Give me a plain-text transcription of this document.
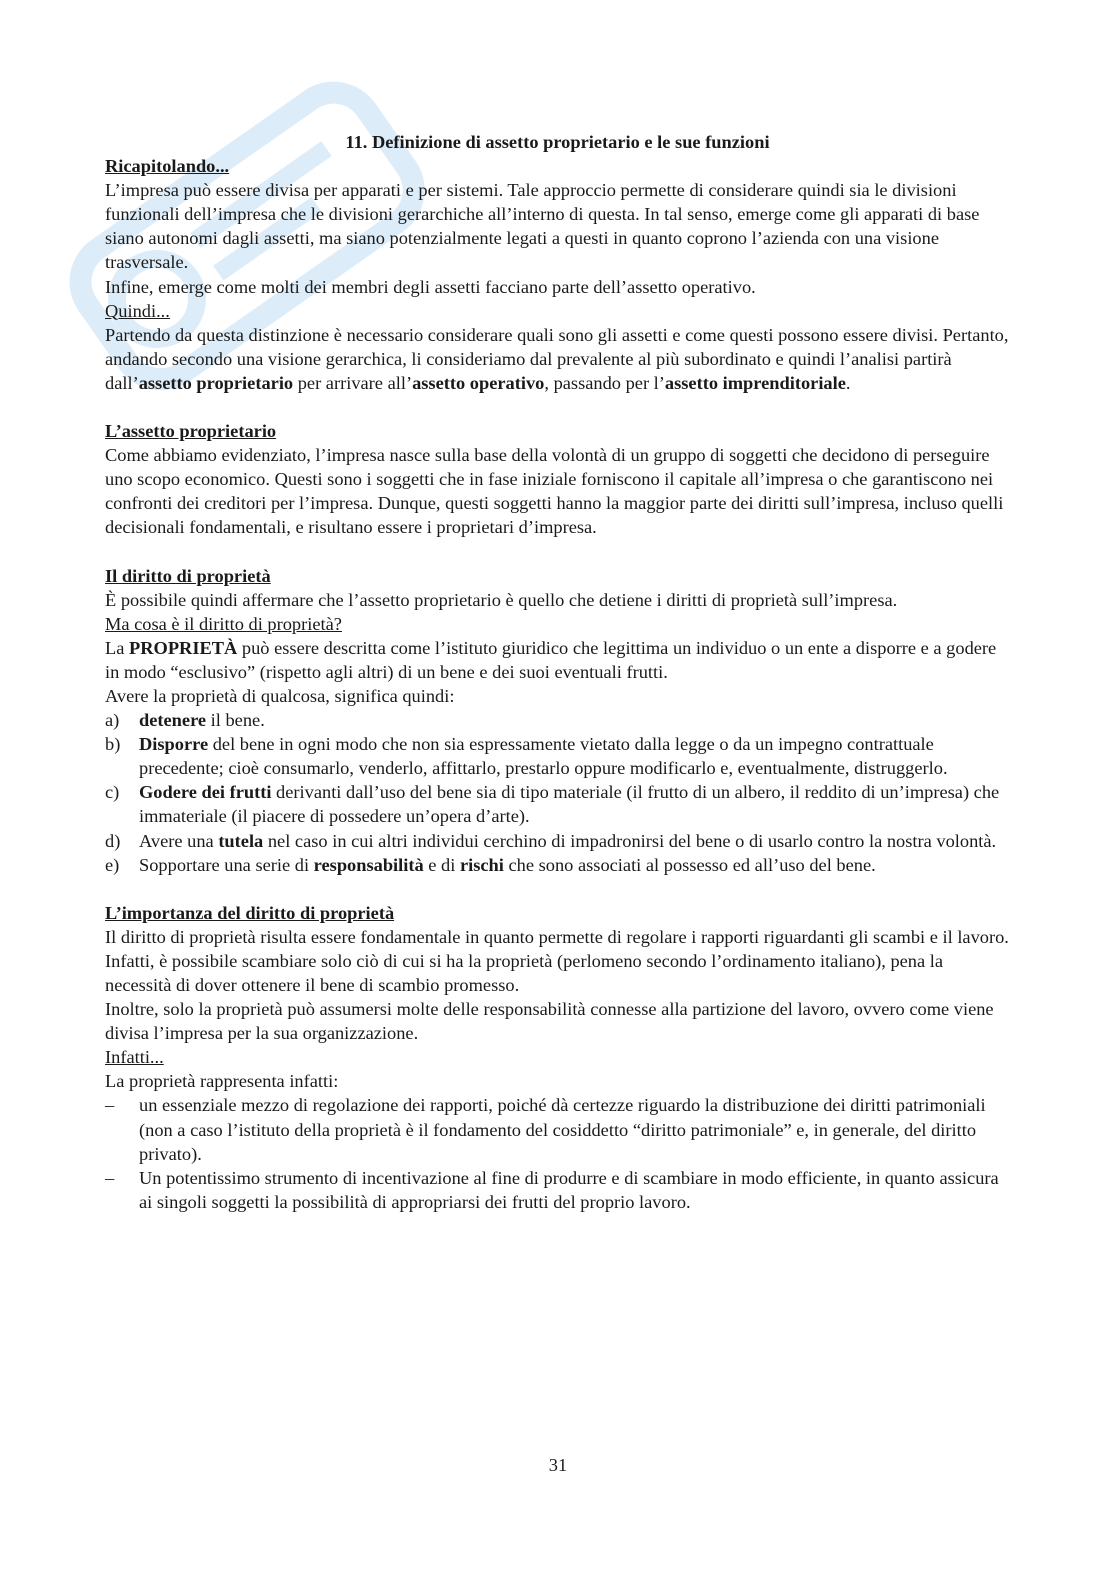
11. Definizione di assetto proprietario e le sue funzioni

Ricapitolando...

L’impresa può essere divisa per apparati e per sistemi. Tale approccio permette di considerare quindi sia le divisioni funzionali dell’impresa che le divisioni gerarchiche all’interno di questa. In tal senso, emerge come gli apparati di base siano autonomi dagli assetti, ma siano potenzialmente legati a questi in quanto coprono l’azienda con una visione trasversale.

Infine, emerge come molti dei membri degli assetti facciano parte dell’assetto operativo.

Quindi...

Partendo da questa distinzione è necessario considerare quali sono gli assetti e come questi possono essere divisi. Pertanto, andando secondo una visione gerarchica, li consideriamo dal prevalente al più subordinato e quindi l’analisi partirà dall’assetto proprietario per arrivare all’assetto operativo, passando per l’assetto imprenditoriale.

L’assetto proprietario

Come abbiamo evidenziato, l’impresa nasce sulla base della volontà di un gruppo di soggetti che decidono di perseguire uno scopo economico. Questi sono i soggetti che in fase iniziale forniscono il capitale all’impresa o che garantiscono nei confronti dei creditori per l’impresa. Dunque, questi soggetti hanno la maggior parte dei diritti sull’impresa, incluso quelli decisionali fondamentali, e risultano essere i proprietari d’impresa.

Il diritto di proprietà

È possibile quindi affermare che l’assetto proprietario è quello che detiene i diritti di proprietà sull’impresa.

Ma cosa è il diritto di proprietà?

La PROPRIETÀ può essere descritta come l’istituto giuridico che legittima un individuo o un ente a disporre e a godere in modo “esclusivo” (rispetto agli altri) di un bene e dei suoi eventuali frutti.

Avere la proprietà di qualcosa, significa quindi:

a)	detenere il bene.
b)	Disporre del bene in ogni modo che non sia espressamente vietato dalla legge o da un impegno contrattuale precedente; cioè consumarlo, venderlo, affittarlo, prestarlo oppure modificarlo e, eventualmente, distruggerlo.
c)	Godere dei frutti derivanti dall’uso del bene sia di tipo materiale (il frutto di un albero, il reddito di un’impresa) che immateriale (il piacere di possedere un’opera d’arte).
d)	Avere una tutela nel caso in cui altri individui cerchino di impadronirsi del bene o di usarlo contro la nostra volontà.
e)	Sopportare una serie di responsabilità e di rischi che sono associati al possesso ed all’uso del bene.

L’importanza del diritto di proprietà

Il diritto di proprietà risulta essere fondamentale in quanto permette di regolare i rapporti riguardanti gli scambi e il lavoro. Infatti, è possibile scambiare solo ciò di cui si ha la proprietà (perlomeno secondo l’ordinamento italiano), pena la necessità di dover ottenere il bene di scambio promesso.

Inoltre, solo la proprietà può assumersi molte delle responsabilità connesse alla partizione del lavoro, ovvero come viene divisa l’impresa per la sua organizzazione.

Infatti...

La proprietà rappresenta infatti:

–	un essenziale mezzo di regolazione dei rapporti, poiché dà certezze riguardo la distribuzione dei diritti patrimoniali (non a caso l’istituto della proprietà è il fondamento del cosiddetto “diritto patrimoniale” e, in generale, del diritto privato).
–	Un potentissimo strumento di incentivazione al fine di produrre e di scambiare in modo efficiente, in quanto assicura ai singoli soggetti la possibilità di appropriarsi dei frutti del proprio lavoro.
31
